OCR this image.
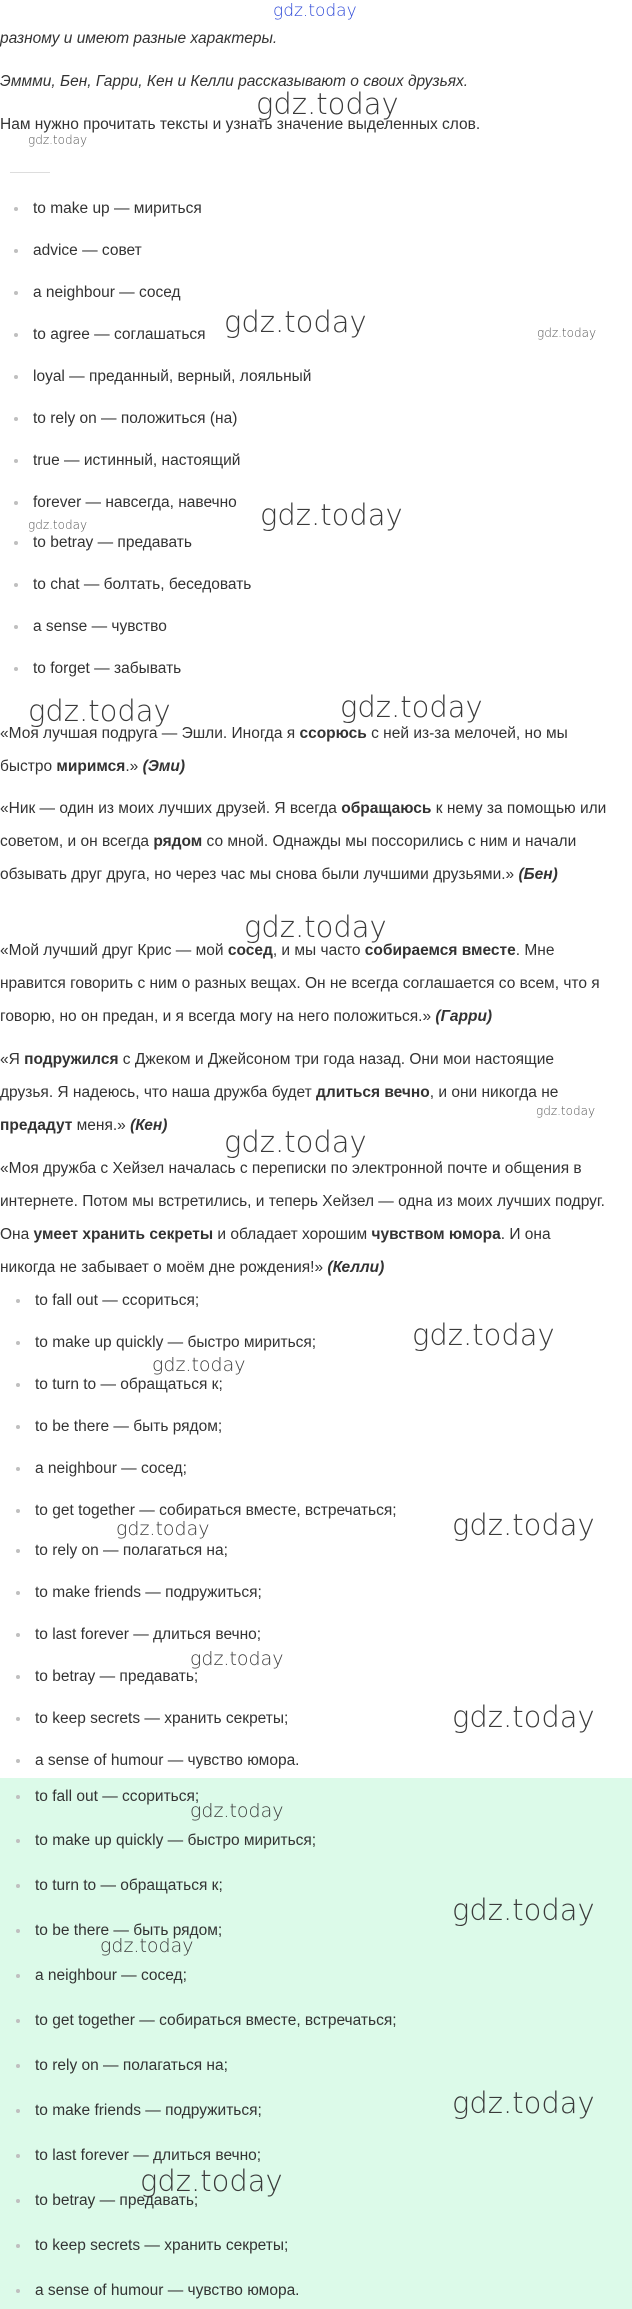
gdz.today
разному и имеют разные характеры.
Эммми, Бен, Гарри, Кен и Келли рассказывают о своих друзьях.
Нам нужно прочитать тексты и узнать значение выделенных слов.
to make up — мириться
advice — совет
a neighbour — сосед
to agree — соглашаться
loyal — преданный, верный, лояльный
to rely on — положиться (на)
true — истинный, настоящий
forever — навсегда, навечно
to betray — предавать
to chat — болтать, беседовать
a sense — чувство
to forget — забывать
«Моя лучшая подруга — Эшли. Иногда я ссорюсь с ней из-за мелочей, но мы быстро миримся.» (Эми)
«Ник — один из моих лучших друзей. Я всегда обращаюсь к нему за помощью или советом, и он всегда рядом со мной. Однажды мы поссорились с ним и начали обзывать друг друга, но через час мы снова были лучшими друзьями.» (Бен)
«Мой лучший друг Крис — мой сосед, и мы часто собираемся вместе. Мне нравится говорить с ним о разных вещах. Он не всегда соглашается со всем, что я говорю, но он предан, и я всегда могу на него положиться.» (Гарри)
«Я подружился с Джеком и Джейсоном три года назад. Они мои настоящие друзья. Я надеюсь, что наша дружба будет длиться вечно, и они никогда не предадут меня.» (Кен)
«Моя дружба с Хейзел началась с переписки по электронной почте и общения в интернете. Потом мы встретились, и теперь Хейзел — одна из моих лучших подруг. Она умеет хранить секреты и обладает хорошим чувством юмора. И она никогда не забывает о моём дне рождения!» (Келли)
to fall out — ссориться;
to make up quickly — быстро мириться;
to turn to — обращаться к;
to be there — быть рядом;
a neighbour — сосед;
to get together — собираться вместе, встречаться;
to rely on — полагаться на;
to make friends — подружиться;
to last forever — длиться вечно;
to betray — предавать;
to keep secrets — хранить секреты;
a sense of humour — чувство юмора.
to fall out — ссориться;
to make up quickly — быстро мириться;
to turn to — обращаться к;
to be there — быть рядом;
a neighbour — сосед;
to get together — собираться вместе, встречаться;
to rely on — полагаться на;
to make friends — подружиться;
to last forever — длиться вечно;
to betray — предавать;
to keep secrets — хранить секреты;
a sense of humour — чувство юмора.
gdz.today
gdz.today
gdz.today	gdz.today
gdz.today
gdz.today
gdz.today	gdz.today
gdz.today
gdz.today
gdz.today
gdz.today
gdz.today
gdz.today
gdz.today
gdz.today
gdz.today
gdz.today
gdz.today
gdz.today
gdz.today
gdz.today
